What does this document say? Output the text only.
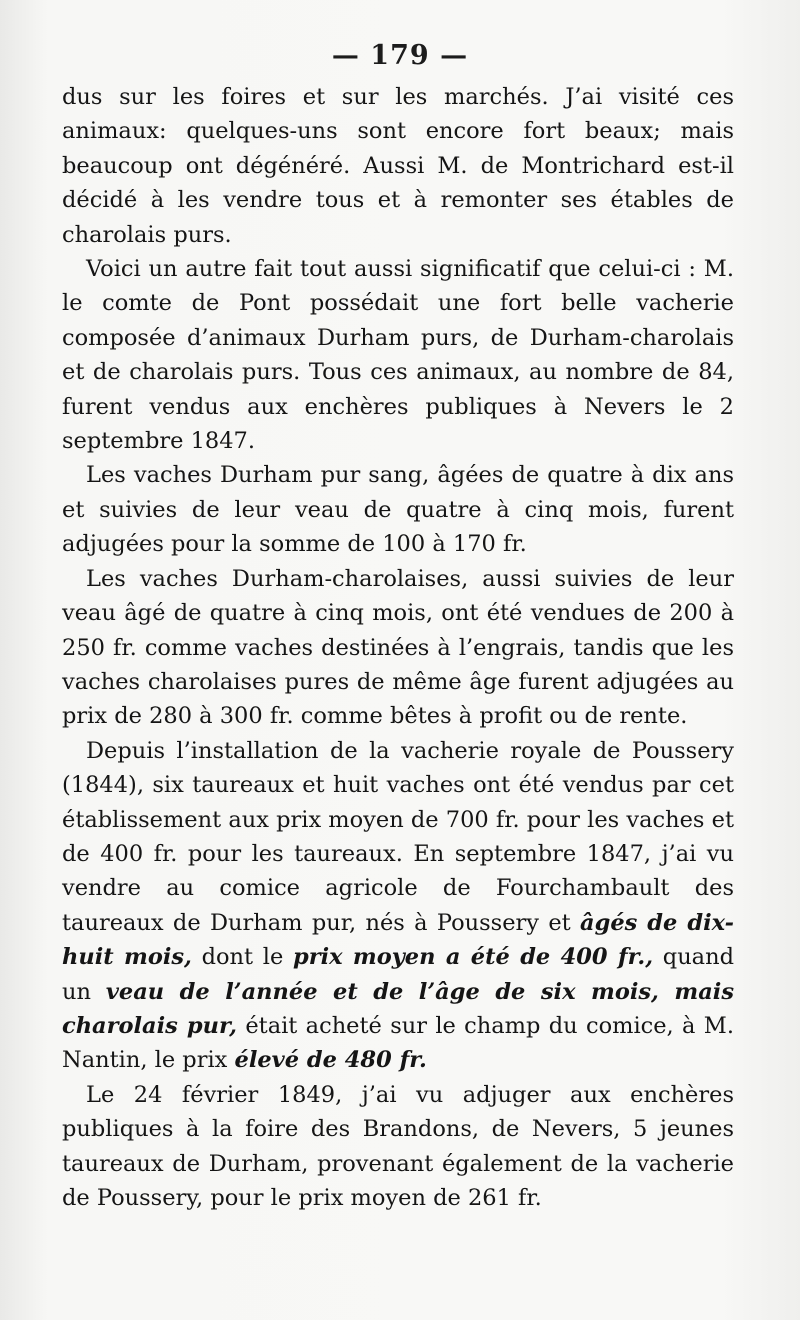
— 179 —

dus sur les foires et sur les marchés. J’ai visité ces animaux: quelques-uns sont encore fort beaux; mais beaucoup ont dégénéré. Aussi M. de Montrichard est-il décidé à les vendre tous et à remonter ses étables de charolais purs.

Voici un autre fait tout aussi significatif que celui-ci : M. le comte de Pont possédait une fort belle vacherie composée d’animaux Durham purs, de Durham-charolais et de charolais purs. Tous ces animaux, au nombre de 84, furent vendus aux enchères publiques à Nevers le 2 septembre 1847.

Les vaches Durham pur sang, âgées de quatre à dix ans et suivies de leur veau de quatre à cinq mois, furent adjugées pour la somme de 100 à 170 fr.

Les vaches Durham-charolaises, aussi suivies de leur veau âgé de quatre à cinq mois, ont été vendues de 200 à 250 fr. comme vaches destinées à l’engrais, tandis que les vaches charolaises pures de même âge furent adjugées au prix de 280 à 300 fr. comme bêtes à profit ou de rente.

Depuis l’installation de la vacherie royale de Poussery (1844), six taureaux et huit vaches ont été vendus par cet établissement aux prix moyen de 700 fr. pour les vaches et de 400 fr. pour les taureaux. En septembre 1847, j’ai vu vendre au comice agricole de Fourchambault des taureaux de Durham pur, nés à Poussery et âgés de dix-huit mois, dont le prix moyen a été de 400 fr., quand un veau de l’année et de l’âge de six mois, mais charolais pur, était acheté sur le champ du comice, à M. Nantin, le prix élevé de 480 fr.

Le 24 février 1849, j’ai vu adjuger aux enchères publiques à la foire des Brandons, de Nevers, 5 jeunes taureaux de Durham, provenant également de la vacherie de Poussery, pour le prix moyen de 261 fr.
